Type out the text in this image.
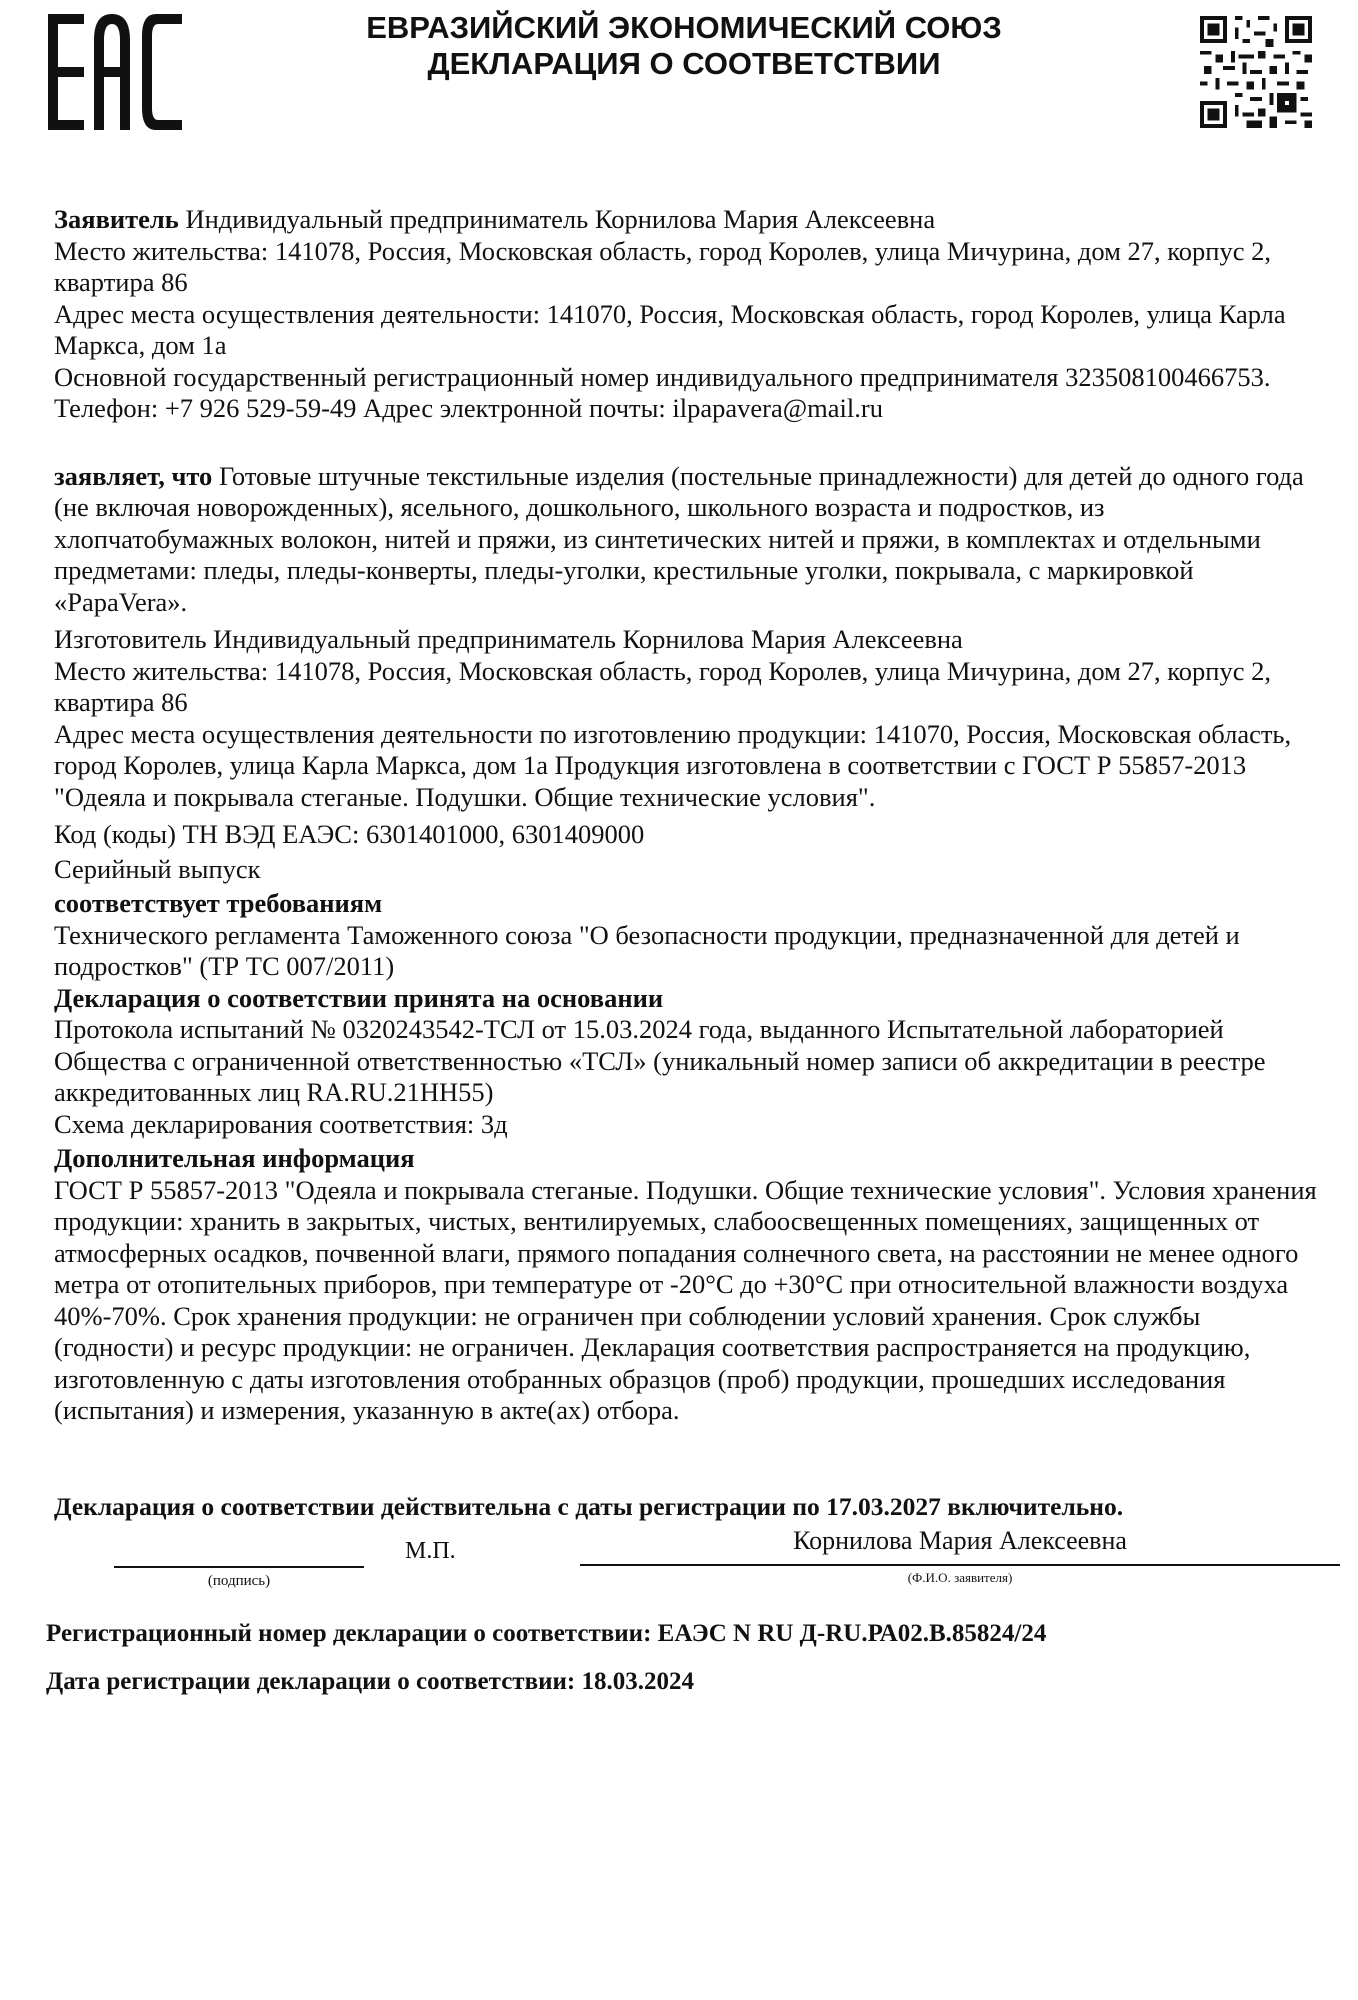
ЕВРАЗИЙСКИЙ ЭКОНОМИЧЕСКИЙ СОЮЗ
ДЕКЛАРАЦИЯ О СООТВЕТСТВИИ

Заявитель Индивидуальный предприниматель Корнилова Мария Алексеевна

Место жительства: 141078, Россия, Московская область, город Королев, улица Мичурина, дом 27, корпус 2, квартира 86

Адрес места осуществления деятельности: 141070, Россия, Московская область, город Королев, улица Карла Маркса, дом 1а

Основной государственный регистрационный номер индивидуального предпринимателя 323508100466753.

Телефон: +7 926 529-59-49 Адрес электронной почты: ilpapavera@mail.ru

заявляет, что Готовые штучные текстильные изделия (постельные принадлежности) для детей до одного года (не включая новорожденных), ясельного, дошкольного, школьного возраста и подростков, из хлопчатобумажных волокон, нитей и пряжи, из синтетических нитей и пряжи, в комплектах и отдельными предметами: пледы, пледы-конверты, пледы-уголки, крестильные уголки, покрывала, с маркировкой «PapaVera».

Изготовитель Индивидуальный предприниматель Корнилова Мария Алексеевна

Место жительства: 141078, Россия, Московская область, город Королев, улица Мичурина, дом 27, корпус 2, квартира 86

Адрес места осуществления деятельности по изготовлению продукции: 141070, Россия, Московская область, город Королев, улица Карла Маркса, дом 1а Продукция изготовлена в соответствии с ГОСТ Р 55857-2013 "Одеяла и покрывала стеганые. Подушки. Общие технические условия".

Код (коды) ТН ВЭД ЕАЭС: 6301401000, 6301409000

Серийный выпуск

соответствует требованиям

Технического регламента Таможенного союза "О безопасности продукции, предназначенной для детей и подростков" (ТР ТС 007/2011)

Декларация о соответствии принята на основании

Протокола испытаний № 0320243542-ТСЛ от 15.03.2024 года, выданного Испытательной лабораторией Общества с ограниченной ответственностью «ТСЛ» (уникальный номер записи об аккредитации в реестре аккредитованных лиц RA.RU.21НН55)

Схема декларирования соответствия: 3д

Дополнительная информация

ГОСТ Р 55857-2013 "Одеяла и покрывала стеганые. Подушки. Общие технические условия". Условия хранения продукции: хранить в закрытых, чистых, вентилируемых, слабоосвещенных помещениях, защищенных от атмосферных осадков, почвенной влаги, прямого попадания солнечного света, на расстоянии не менее одного метра от отопительных приборов, при температуре от -20°С до +30°С при относительной влажности воздуха 40%-70%. Срок хранения продукции: не ограничен при соблюдении условий хранения. Срок службы (годности) и ресурс продукции: не ограничен. Декларация соответствия распространяется на продукцию, изготовленную с даты изготовления отобранных образцов (проб) продукции, прошедших исследования (испытания) и измерения, указанную в акте(ах) отбора.

Декларация о соответствии действительна с даты регистрации по 17.03.2027 включительно.
(подпись)
М.П.	Корнилова Мария Алексеевна
(Ф.И.О. заявителя)
Регистрационный номер декларации о соответствии: ЕАЭС N RU Д-RU.РА02.В.85824/24
Дата регистрации декларации о соответствии: 18.03.2024
